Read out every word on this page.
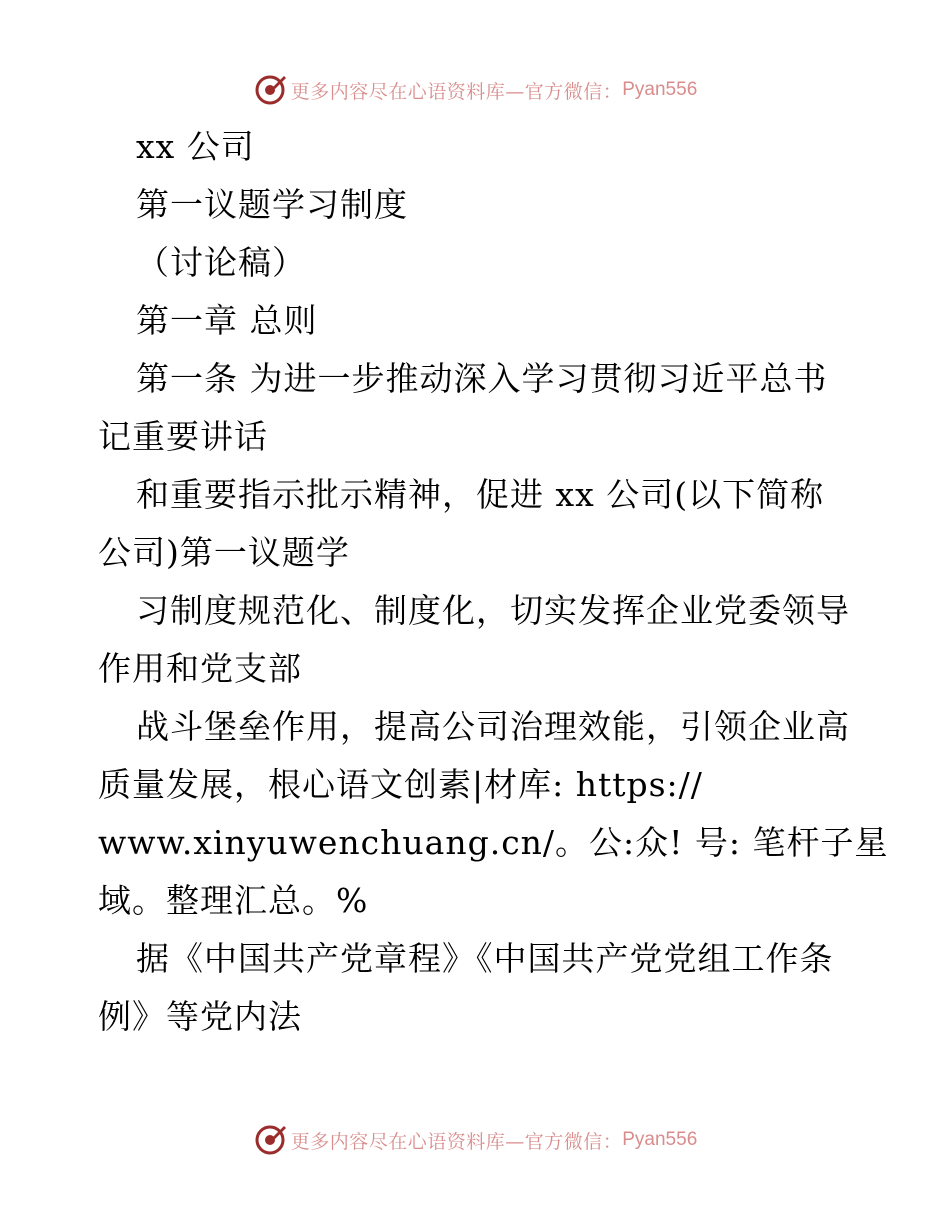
更多内容尽在心语资料库—官方微信： Pyan556
xx 公司
第一议题学习制度
（讨论稿）
第一章 总则
第一条 为进一步推动深入学习贯彻习近平总书
记重要讲话
和重要指示批示精神，促进 xx 公司(以下简称
公司)第一议题学
习制度规范化、制度化，切实发挥企业党委领导
作用和党支部
战斗堡垒作用，提高公司治理效能，引领企业高
质量发展，根心语文创素|材库: https://
www.xinyuwenchuang.cn/。公:众! 号: 笔杆子星
域。整理汇总。%
据《中国共产党章程》《中国共产党党组工作条
例》等党内法
更多内容尽在心语资料库—官方微信： Pyan556
